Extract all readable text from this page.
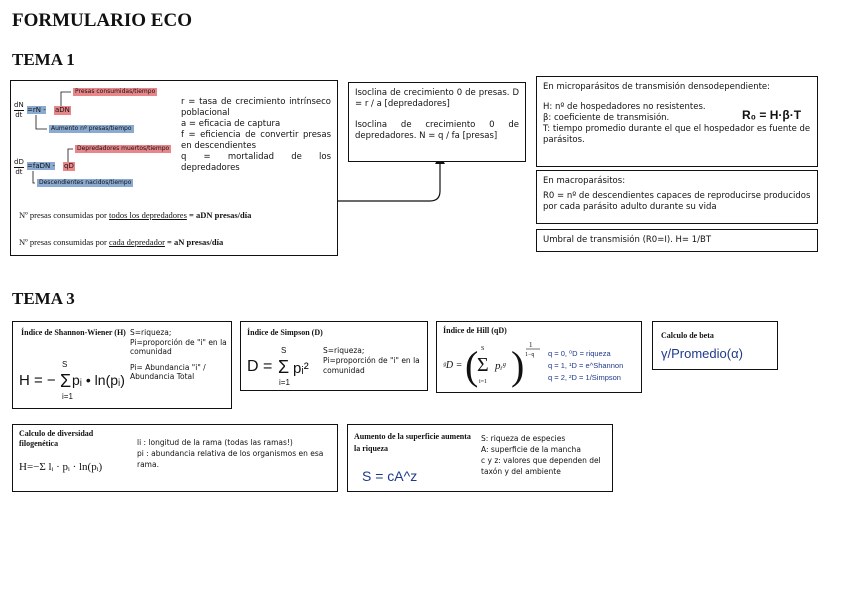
FORMULARIO ECO
TEMA 1
Presas consumidas/tiempo
$\frac{dN}{dt} =rN$ - aDN
Aumento nº presas/tiempo
Depredadores muertos/tiempo
$\frac{dD}{dt}$ =faDN - qD
Descendientes nacidos/tiempo
r = tasa de crecimiento intrínseco poblacional
a = eficacia de captura
f = eficiencia de convertir presas en descendientes
q = mortalidad de los depredadores
Nº presas consumidas por todos los depredadores = aDN presas/día
Nº presas consumidas por cada depredador = aN presas/día
Isoclina de crecimiento 0 de presas. D = r / a [depredadores]
Isoclina de crecimiento 0 de depredadores. N = q / fa [presas]
En microparásitos de transmisión densodependiente:
H: nº de hospedadores no resistentes.
β: coeficiente de transmisión.
T: tiempo promedio durante el que el hospedador es fuente de parásitos.
R₀ = H·β·T
En macroparásitos:
R0 = nº de descendientes capaces de reproducirse producidos por cada parásito adulto durante su vida
Umbral de transmisión (R0=I). H= 1/BT
TEMA 3
Índice de Shannon-Wiener (H) S=riqueza;
Pi=proporción de "i" en la comunidad
Pi= Abundancia "i" / Abundancia Total
H = −
S
Σ
i=1
pᵢ • ln(pᵢ)
Índice de Simpson (D)
D =
S
Σ
i=1
pᵢ²
S=riqueza;
Pi=proporción de "i" en la comunidad
Índice de Hill (qD)
ᵍD = ( S
Σ
i=1
pᵢᵍ ) 1
1−q q = 0, ⁰D = riqueza
q = 1, ¹D = e^Shannon
q = 2, ²D = 1/Simpson
Calculo de beta
γ/Promedio(α)
Calculo de diversidad filogenética
H=−Σ lᵢ · pᵢ · ln(pᵢ)
li : longitud de la rama (todas las ramas!)
pi : abundancia relativa de los organismos en esa rama.
Aumento de la superficie aumenta la riqueza
S = cA^z
S: riqueza de especies
A: superficie de la mancha
c y z: valores que dependen del taxón y del ambiente
